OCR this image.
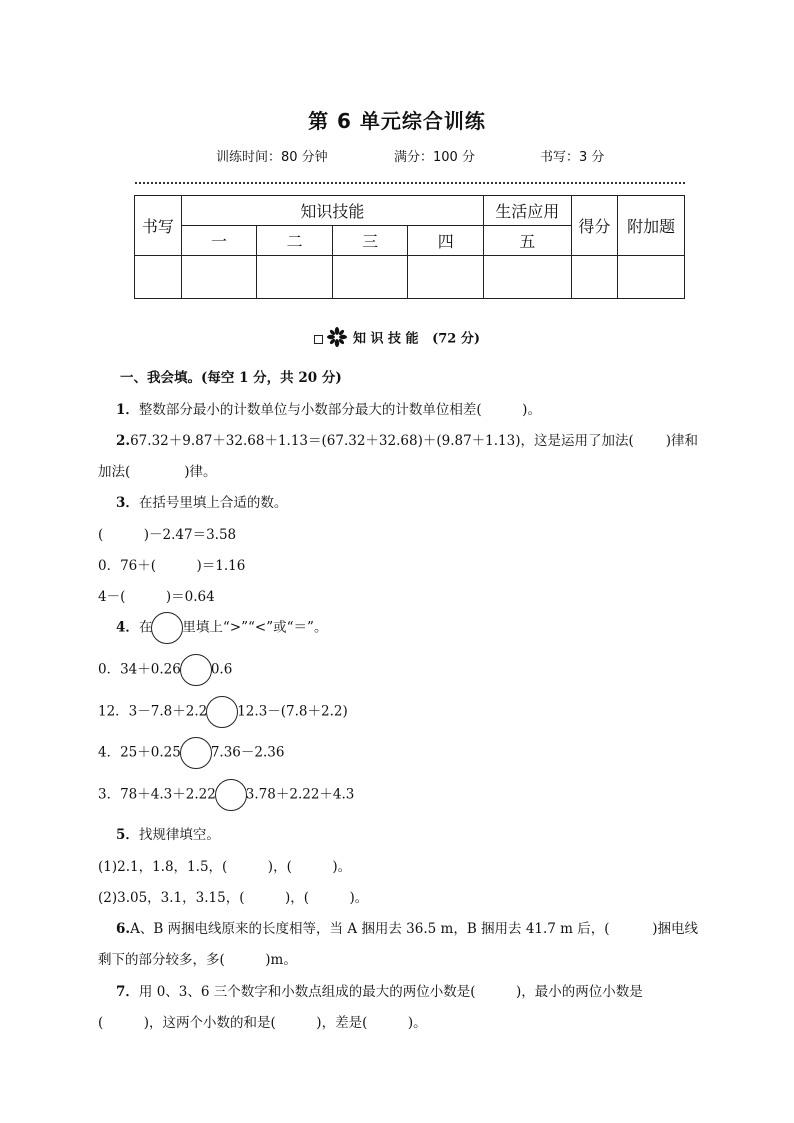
第 6 单元综合训练
训练时间：80 分钟	满分：100 分	书写：3 分
书写	知识技能				生活应用	得分	附加题
	一	二	三	四	五		

知 识 技 能 (72 分)
一、我会填。(每空 1 分，共 20 分)
1．整数部分最小的计数单位与小数部分最大的计数单位相差(　　　)。
2.67.32＋9.87＋32.68＋1.13＝(67.32＋32.68)＋(9.87＋1.13)，这是运用了加法( )律和
加法(　　　　)律。
3．在括号里填上合适的数。
(　　　)－2.47＝3.58
0．76＋(　　　)＝1.16
4－(　　　)＝0.64
4．在 里填上“>”“<”或“＝”。
0．34＋0.26 0.6
12．3－7.8＋2.2 12.3－(7.8＋2.2)
4．25＋0.25 7.36－2.36
3．78＋4.3＋2.22 3.78＋2.22＋4.3
5．找规律填空。
(1)2.1，1.8，1.5，(　　　)，(　　　)。
(2)3.05，3.1，3.15，(　　　)，(　　　)。
6.A、B 两捆电线原来的长度相等，当 A 捆用去 36.5 m，B 捆用去 41.7 m 后，(	)捆电线
剩下的部分较多，多(　　　)m。
7．用 0、3、6 三个数字和小数点组成的最大的两位小数是(　　　)，最小的两位小数是
(　　　)，这两个小数的和是(　　　)，差是(　　　)。
